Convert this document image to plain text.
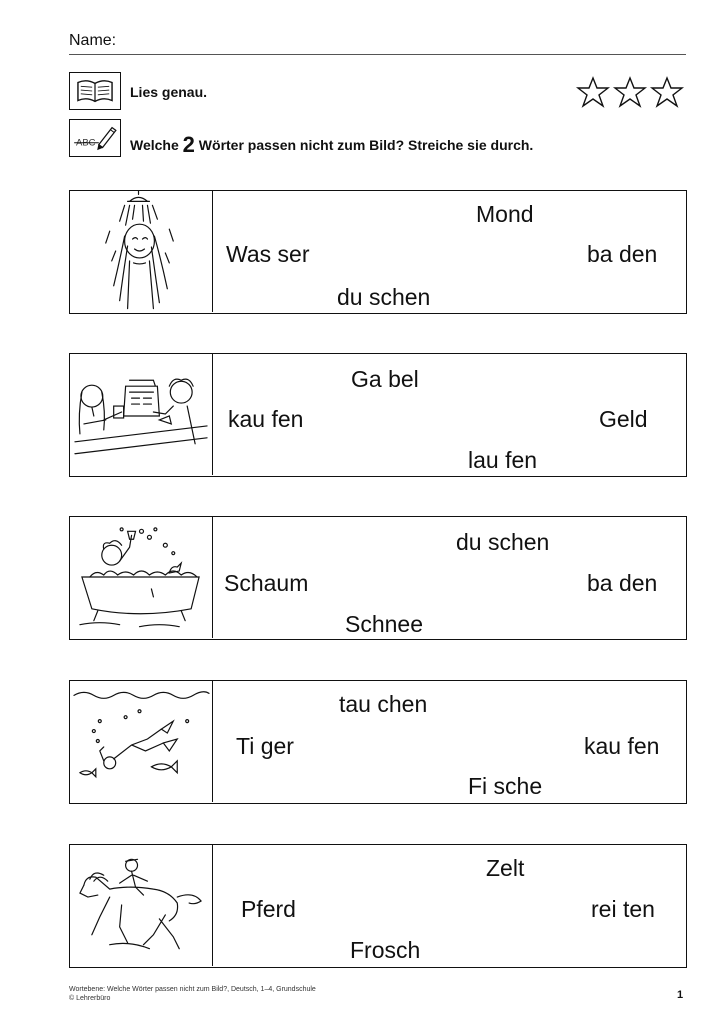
Name:
Lies genau.
ABC Welche 2 Wörter passen nicht zum Bild? Streiche sie durch.
Mond
Was ser	ba den
du schen
Ga bel
kau fen	Geld
lau fen
du schen
Schaum	ba den
Schnee
tau chen
Ti ger	kau fen
Fi sche
Zelt
Pferd	rei ten
Frosch
Wortebene: Welche Wörter passen nicht zum Bild?, Deutsch, 1–4, Grundschule
© Lehrerbüro	1
